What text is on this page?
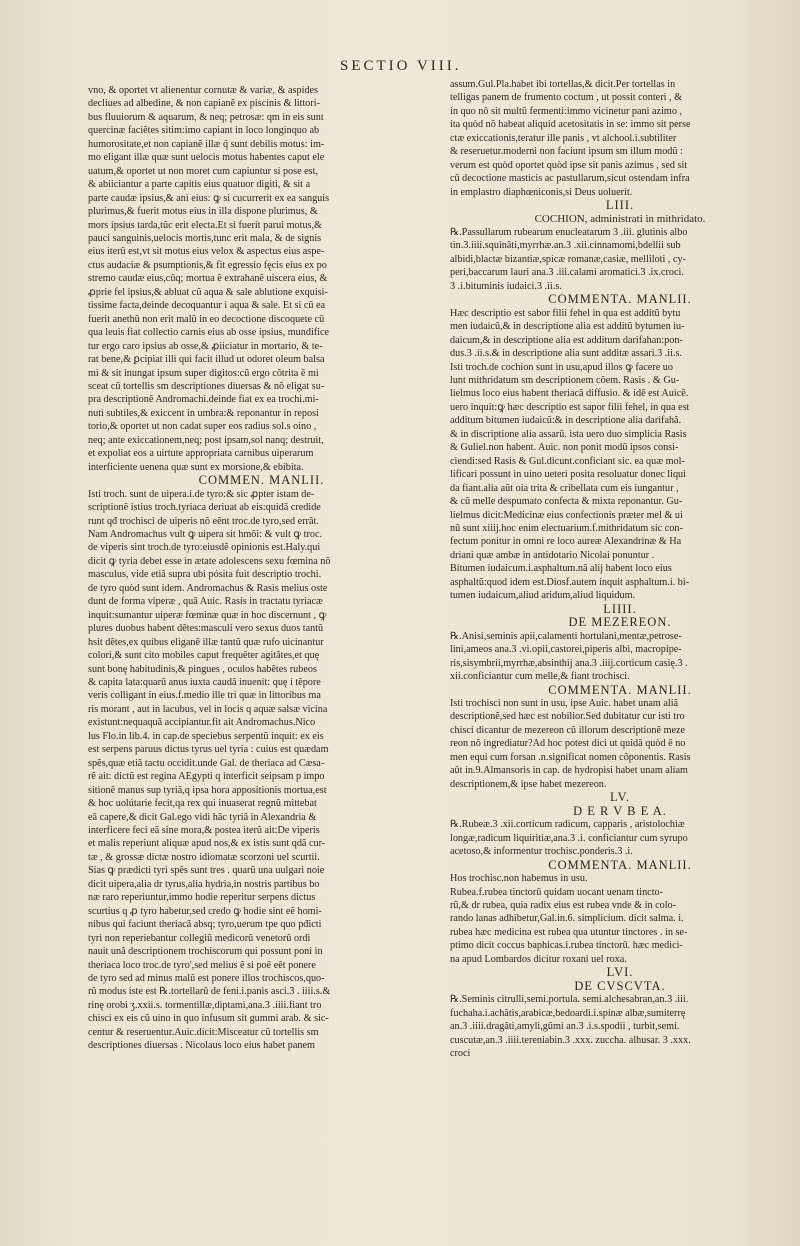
SECTIO VIII.

vno, & oportet vt alienentur cornutæ & variæ, & aspides
decliues ad albedine, & non capianẽ ex piscinis & littori-
bus fluuiorum & aquarum, & neq; petrosæ: qm in eis sunt
quercinæ faciẽtes sitim:imo capiant in loco longinquo ab
humorositate,et non capianẽ illæ q̃ sunt debilis motus: im-
mo eligant illæ quæ sunt uelocis motus habentes caput ele
uatum,& oportet ut non moret cum capiuntur si pose est,
& abiiciantur a parte capitis eius quatuor digiti, & sit a
parte caudæ ipsius,& ani eius: ꝙ si cucurrerit ex ea sanguis
plurimus,& fuerit motus eius in illa dispone plurimus, &
mors ipsius tarda,tũc erit electa.Et si fuerit parui motus,&
pauci sanguinis,uelocis mortis,tunc erit mala, & de signis
eius iterũ est,vt sit motus eius velox & aspectus eius aspe-
ctus audaciæ & psumptionis,& fit egressio fęcis eius ex po
stremo caudæ eius,cũq; mortua ẽ extrahanẽ uiscera eius, &
ꝓprie fel ipsius,& abluat cũ aqua & sale ablutione exquisi-
tissime facta,deinde decoquantur i aqua & sale. Et si cũ ea
fuerit anethũ non erit malũ in eo decoctione discoquete cũ
qua leuis fiat collectio carnis eius ab osse ipsius, mundifice
tur ergo caro ipsius ab osse,& ꝓiiciatur in mortario, & te-
rat bene,& ꝑcipiat illi qui facit illud ut odoret oleum balsa
mi & sit inungat ipsum super digitos:cũ ergo cõtrita ẽ mi
sceat cũ tortellis sm descriptiones diuersas & nõ eligat su-
pra descriptionẽ Andromachi.deinde fiat ex ea trochi.mi-
nuti subtiles,& exiccent in umbra:& reponantur in reposi
torio,& oportet ut non cadat super eos radius sol.s oino ,
neq; ante exiccationem,neq; post ipsam,sol nanq; destruit,
et expoliat eos a uirtute appropriata carnibus uiperarum
interficiente uenena quæ sunt ex morsione,& ebibita.

COMMEN. MANLII.

Isti troch. sunt de uipera.i.de tyro:& sic ꝓpter istam de-
scriptionẽ istius troch.tyriaca deriuat ab eis:quidã credide
runt qđ trochisci de uiperis nõ eẽnt troc.de tyro,sed errãt.
Nam Andromachus vult ꝙ uipera sit hmõi: & vult ꝙ troc.
de viperis sint troch.de tyro:eiusdẽ opinionis est.Haly.qui
dicit ꝙ tyria debet esse in ætate adolescens sexu fœmina nõ
masculus, vide etiã supra ubi pósita fuit descriptio trochi.
de tyro quòd sunt idem. Andromachus & Rasis melius oste
dunt de forma viperæ , quã Auic. Rasis in tractatu tyriacæ
inquit:sumantur uiperæ fœminæ quæ in hoc discernunt , ꝙ
plures duobus habent dẽtes:masculi vero sexus duos tantũ
hsit dẽtes,ex quibus eliganẽ illæ tantũ quæ rufo uicinantur
colori,& sunt cito mobiles caput frequẽter agitãtes,et quę
sunt bonę habitudinis,& pingues , oculos habẽtes rubeos
& capita lata:quarũ anus iuxta caudã inuenit: quę i tẽpore
veris colligant in eius.f.medio ille tri quæ in littoribus ma
ris morant , aut in lacubus, vel in locis q aquæ salsæ vicina
existunt:nequaquã accipiantur.fit ait Andromachus.Nico
lus Flo.in lib.4. in cap.de speciebus serpentũ inquit: ex eis
est serpens paruus dictus tyrus uel tyria : cuius est quædam
spẽs,quæ etiã tactu occidit.unde Gal. de theriaca ad Cæsa-
rẽ ait: dictũ est regina AEgypti q interficit seipsam p impo
sitionẽ manus sup tyriã,q ipsa hora appositionis mortua,est
& hoc uolútarie fecit,qa rex qui inuaserat regnũ mittebat
eã capere,& dicit Gal.ego vidi hãc tyriã in Alexandria &
interficere feci eã sine mora,& postea iterũ ait:De viperis
et malis reperiunt aliquæ apud nos,& ex istis sunt qdã cur-
tæ , & grossæ dictæ nostro idiomatæ scorzoni uel scurtii.
Sias ꝙ prædicti tyri spẽs sunt tres . quarũ una uulgari noie
dicit uipera,alia dr tyrus,alia hydria,in nostris partibus bo
næ raro reperiuntur,immo hodie reperitur serpens dictus
scurtius q ꝓ tyro habetur,sed credo ꝙ hodie sint eẽ homi-
nibus qui faciunt theriacã absq; tyro,uerum tpe quo pđicti
tyri non reperiebantur collegiũ medicorũ venetorũ ordi
nauit unã descriptionem trochiscorum qui possunt poni in
theriaca loco troc.de tyro',sed melius ẽ si poẽ eẽt ponere
de tyro sed ad minus malũ est ponere illos trochiscos,quo-
rũ modus iste est ℞.tortellarũ de feni.i.panis asci.3 . iiii.s.&
rinę orobi ʒ.xxii.s. tormentillæ,diptami,ana.3 .iiii.fiant tro
chisci ex eis cũ uino in quo infusum sit gummi arab. & sic-
centur & reseruentur.Auic.dicit:Misceatur cũ tortellis sm
descriptiones diuersas . Nicolaus loco eius habet panem

assum.Gul.Pla.habet ibi tortellas,& dicit.Per tortellas in
telligas panem de frumento coctum , ut possit conteri , &
in quo nõ sit multũ fermenti:immo vicinetur pani azimo ,
ita quòd nõ habeat aliquid acetositatis in se: immo sit perse
ctæ exiccationis,teratur ille panis , vt alchool.i.subtiliter
& reseruetur.moderni non faciunt ipsum sm illum modũ :
verum est quòd oportet quòd ipse sit panis azimus , sed sit
cũ decoctione masticis ac pastullarum,sicut ostendam infra
in emplastro diaphœniconis,si Deus uoluerit.

LIII.

COCHION, administrati in mithridato.

℞.Passullarum rubearum enucleatarum 3 .iii. glutinis albo
tin.3.iiii.squinãti,myrrhæ.an.3 .xii.cinnamomi,bdellii sub
albidi,blactæ bizantiæ,spicæ romanæ,casiæ, melliloti , cy-
peri,baccarum lauri ana.3 .iii.calami aromatici.3 .ix.croci.
3 .i.bituminis iudaici.3 .ii.s.

COMMENTA. MANLII.

Hæc descriptio est sabor filii fehel in qua est additũ bytu
men iudaicũ,& in descriptione alia est additũ bytumen iu-
daicum,& in descriptione alia est additum darifahan:pon-
dus.3 .ii.s.& in descriptione alia sunt additæ assari.3 .ii.s.
Isti troch.de cochion sunt in usu,apud illos ꝙ facere uo
lunt mithridatum sm descriptionem cõem. Rasis . & Gu-
lielmus loco eius habent theriacã diffusio. & idẽ est Auicẽ.
uero inquit:ꝙ hæc descriptio est sapor filii fehel, in qua est
additum bitumen iudaicũ:& in descriptione alia darifahã.
& in discriptione alia assarũ. ista uero duo simplicia Rasis
& Guliel.non habent. Auic. non ponit modũ ipsos consi-
ciendi:sed Rasis & Gul.dicunt.conficiant sic. ea quæ mol-
lificari possunt in uino ueteri posita resoluatur donec liqui
da fiant.alia aũt oia trita & cribellata cum eis iungantur ,
& cũ melle despumato confecta & mixta reponantur. Gu-
lielmus dicit:Medicinæ eius confectionis præter mel & ui
nũ sunt xiiij.hoc enim electuarium.f.mithridatum sic con-
fectum ponitur in omni re loco aureæ Alexandrinæ & Ha
driani quæ ambæ in antidotario Nicolai ponuntur .
Bitumen iudaicum.i.asphaltum.nã alij habent loco eius
asphaltũ:quod idem est.Diosf.autem inquit asphaltum.i. bi-
tumen iudaicum,aliud aridum,aliud liquidum.

LIIII.

DE MEZEREON.

℞.Anisi,seminis apii,calamenti hortulani,mentæ,petrose-
lini,ameos ana.3 .vi.opii,castorei,piperis albi, macropipe-
ris,sisymbrii,myrrhæ,absinthij ana.3 .iiij.corticum casię.3 .
xii.conficiantur cum melle,& fiant trochisci.

COMMENTA. MANLII.

Isti trochisci non sunt in usu, ipse Auic. habet unam aliã
descriptionẽ,sed hæc est nobilior.Sed dubitatur cur isti tro
chisci dicantur de mezereon cũ illorum descriptionẽ meze
reon nõ ingrediatur?Ad hoc potest dici ut quidã quòd ẽ no
men equi cum forsan .n.significat nomen cõponentis. Rasis
aũt in.9.Almansoris in cap. de hydropisi habet unam aliam
descriptionem,& ipse habet mezereon.

LV.

D E R V B E A.

℞.Rubeæ.3 .xii.corticum radicum, capparis , aristolochiæ
longæ,radicum liquiritiæ,ana.3 .i. conficiantur cum syrupo
acetoso,& informentur trochisc.ponderis.3 .i.

COMMENTA. MANLII.

Hos trochisc.non habemus in usu.
Rubea.f.rubea tinctorũ quidam uocant uenam tincto-
rũ,& dr rubea, quia radix eius est rubea vnde & in colo-
rando lanas adhibetur,Gal.in.6. simplicium. dicit salma. i.
rubea hæc medicina est rubea qua utuntur tinctores . in se-
ptimo dicit coccus baphicas.i.rubea tinctorũ. hæc medici-
na apud Lombardos dicitur roxani uel roxa.

LVI.

DE CVSCVTA.

℞.Seminis citrulli,semi.portula. semi.alchesabran,an.3 .iii.
fuchaha.i.achãtis,arabicæ,bedoardi.i.spinæ albæ,sumiterrę
an.3 .iiii.dragãti,amyli,gũmi an.3 .i.s.spodii , turbit,semi.
cuscutæ,an.3 .iiii.tereniabin.3 .xxx. zuccha. alhusar. 3 .xxx.
croci
